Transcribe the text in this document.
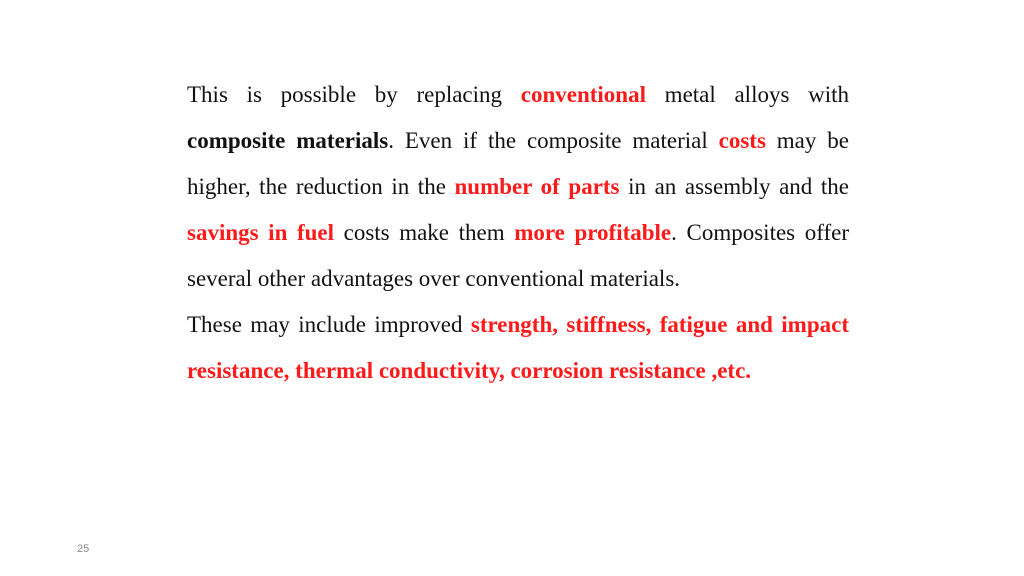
This is possible by replacing conventional metal alloys with composite materials. Even if the composite material costs may be higher, the reduction in the number of parts in an assembly and the savings in fuel costs make them more profitable. Composites offer several other advantages over conventional materials.

These may include improved strength, stiffness, fatigue and impact resistance, thermal conductivity, corrosion resistance ,etc.

25
